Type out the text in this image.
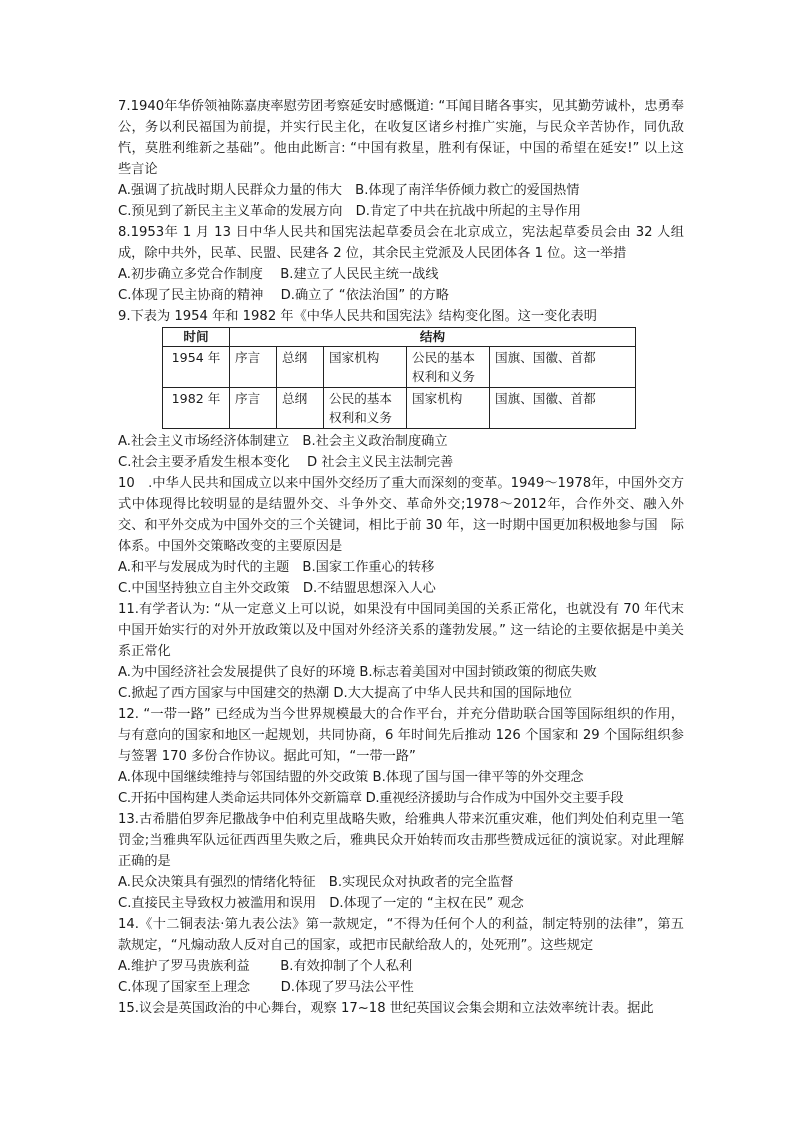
7.1940年华侨领袖陈嘉庚率慰劳团考察延安时感慨道: “耳闻目睹各事实，见其勤劳诚朴，忠勇奉公，务以利民福国为前提，并实行民主化，在收复区诸乡村推广实施，与民众辛苦协作，同仇敌忾，莫胜利维新之基础”。他由此断言: “中国有救星，胜利有保证，中国的希望在延安!” 以上这些言论

A.强调了抗战时期人民群众力量的伟大　B.体现了南洋华侨倾力救亡的爱国热情

C.预见到了新民主主义革命的发展方向　D.肯定了中共在抗战中所起的主导作用

8.1953年 1 月 13 日中华人民共和国宪法起草委员会在北京成立，宪法起草委员会由 32 人组成，除中共外，民革、民盟、民建各 2 位，其余民主党派及人民团体各 1 位。这一举措

A.初步确立多党合作制度　 B.建立了人民民主统一战线

C.体现了民主协商的精神　 D.确立了 “依法治国” 的方略

9.下表为 1954 年和 1982 年《中华人民共和国宪法》结构变化图。这一变化表明

时间	结构				
1954 年	序言	总纲	国家机构	公民的基本权利和义务	国旗、国徽、首都
1982 年	序言	总纲	公民的基本权利和义务	国家机构	国旗、国徽、首都

A.社会主义市场经济体制建立　B.社会主义政治制度确立

C.社会主要矛盾发生根本变化　 D 社会主义民主法制完善

10　.中华人民共和国成立以来中国外交经历了重大而深刻的变革。1949～1978年，中国外交方　式中体现得比较明显的是结盟外交、斗争外交、革命外交;1978～2012年，合作外交、融入外　交、和平外交成为中国外交的三个关键词，相比于前 30 年，这一时期中国更加积极地参与国　际体系。中国外交策略改变的主要原因是

A.和平与发展成为时代的主题　B.国家工作重心的转移

C.中国坚持独立自主外交政策　D.不结盟思想深入人心

11.有学者认为: “从一定意义上可以说，如果没有中国同美国的关系正常化，也就没有 70 年代末中国开始实行的对外开放政策以及中国对外经济关系的蓬勃发展。” 这一结论的主要依据是中美关系正常化

A.为中国经济社会发展提供了良好的环境 B.标志着美国对中国封锁政策的彻底失败

C.掀起了西方国家与中国建交的热潮 D.大大提高了中华人民共和国的国际地位

12. “一带一路” 已经成为当今世界规模最大的合作平台，并充分借助联合国等国际组织的作用，与有意向的国家和地区一起规划，共同协商，6 年时间先后推动 126 个国家和 29 个国际组织参与签署 170 多份合作协议。据此可知，“一带一路”

A.体现中国继续维持与邻国结盟的外交政策 B.体现了国与国一律平等的外交理念

C.开拓中国构建人类命运共同体外交新篇章 D.重视经济援助与合作成为中国外交主要手段

13.古希腊伯罗奔尼撒战争中伯利克里战略失败，给雅典人带来沉重灾难，他们判处伯利克里一笔罚金;当雅典军队远征西西里失败之后，雅典民众开始转而攻击那些赞成远征的演说家。对此理解正确的是

A.民众决策具有强烈的情绪化特征　B.实现民众对执政者的完全监督

C.直接民主导致权力被滥用和误用　D.体现了一定的 “主权在民” 观念

14.《十二铜表法·第九表公法》第一款规定，“不得为任何个人的利益，制定特别的法律”，第五款规定，“凡煽动敌人反对自己的国家，或把市民献给敌人的，处死刑”。这些规定

A.维护了罗马贵族利益　 　B.有效抑制了个人私利

C.体现了国家至上理念　 　D.体现了罗马法公平性

15.议会是英国政治的中心舞台，观察 17~18 世纪英国议会集会期和立法效率统计表。据此
